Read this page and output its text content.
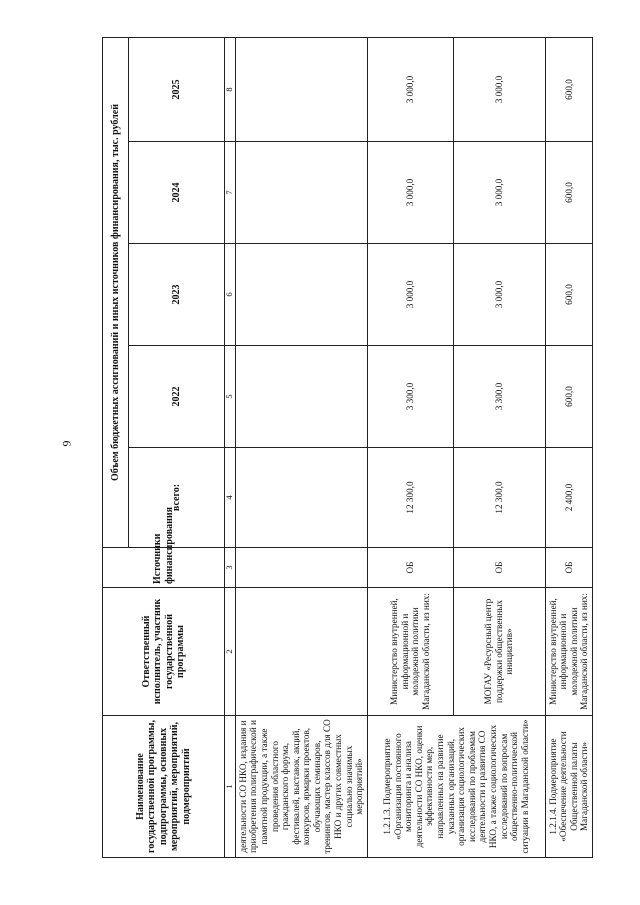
9
Наименование государственной программы, подпрограммы, основных мероприятий, мероприятий, подмероприятий	Ответственный исполнитель, участник государственной программы	Источники финансирования	Объем бюджетных ассигнований и иных источников финансирования, тыс. рублей				
			всего:	2022	2023	2024	2025
1	2	3	4	5	6	7	8
деятельности СО НКО, издания и приобретения полиграфической и памятной продукции, а также проведения областного гражданского форума, фестивалей, выставок, акций, конкурсов, ярмарки проектов, обучающих семинаров, тренингов, мастер классов для СО НКО и других совместных социально значимых мероприятий»							
1.2.1.3. Подмероприятие «Организация постоянного мониторинга и анализа деятельности СО НКО, оценки эффективности мер, направленных на развитие указанных организаций, организация социологических исследований по проблемам деятельности и развития СО НКО, а также социологических исследований по вопросам общественно-политической ситуации в Магаданской области»	Министерство внутренней, информационной и молодежной политики Магаданской области, из них:	ОБ	12 300,0	3 300,0	3 000,0	3 000,0	3 000,0
	МОГАУ «Ресурсный центр поддержки общественных инициатив»	ОБ	12 300,0	3 300,0	3 000,0	3 000,0	3 000,0
1.2.1.4. Подмероприятие «Обеспечение деятельности Общественной палаты Магаданской области»	Министерство внутренней, информационной и молодежной политики Магаданской области, из них:	ОБ	2 400,0	600,0	600,0	600,0	600,0
